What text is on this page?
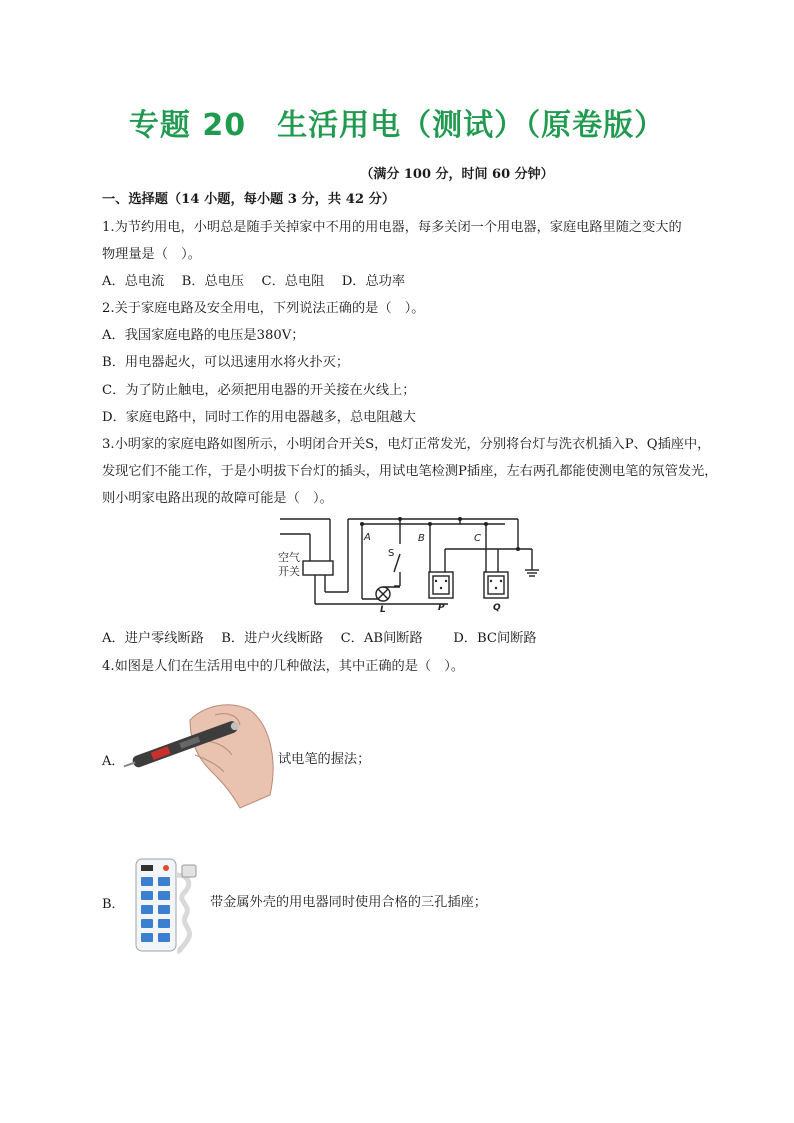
专题 20　生活用电（测试）（原卷版）
（满分 100 分，时间 60 分钟）
一、选择题（14 小题，每小题 3 分，共 42 分）
1.为节约用电，小明总是随手关掉家中不用的用电器，每多关闭一个用电器，家庭电路里随之变大的
物理量是（　）。
A．总电流　 B．总电压　 C．总电阻　 D．总功率
2.关于家庭电路及安全用电，下列说法正确的是（　）。
A．我国家庭电路的电压是380V；
B．用电器起火，可以迅速用水将火扑灭；
C．为了防止触电，必须把用电器的开关接在火线上；
D．家庭电路中，同时工作的用电器越多，总电阻越大
3.小明家的家庭电路如图所示，小明闭合开关S，电灯正常发光，分别将台灯与洗衣机插入P、Q插座中，
发现它们不能工作，于是小明拔下台灯的插头，用试电笔检测P插座，左右两孔都能使测电笔的氖管发光，
则小明家电路出现的故障可能是（　）。
空气
开关
A	B	C
S
L	P	Q
A．进户零线断路　 B．进户火线断路　 C．AB间断路　　 D．BC间断路
4.如图是人们在生活用电中的几种做法，其中正确的是（　）。
A．	试电笔的握法；
B．	带金属外壳的用电器同时使用合格的三孔插座；
